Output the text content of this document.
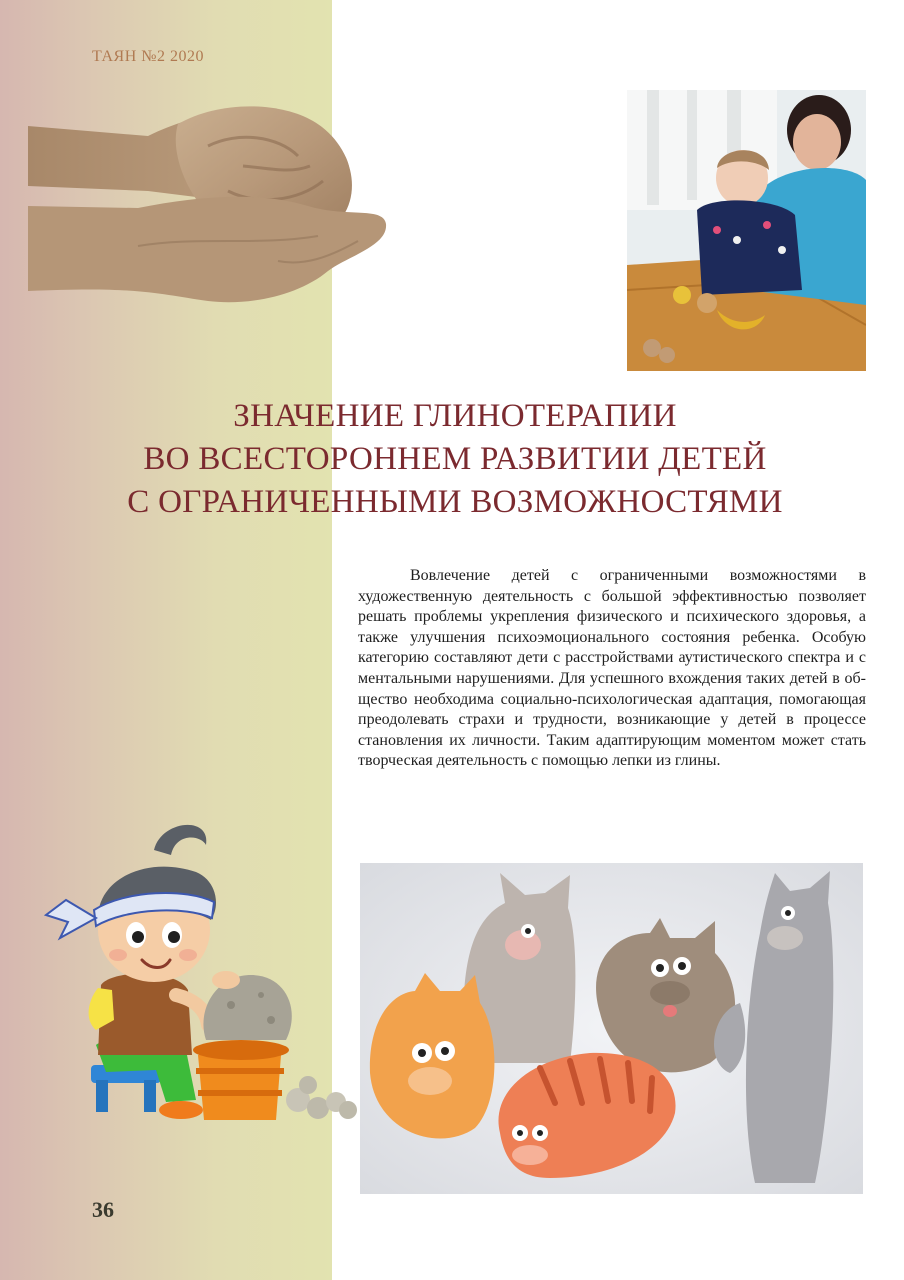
ТАЯН №2 2020
ЗНАЧЕНИЕ ГЛИНОТЕРАПИИ
ВО ВСЕСТОРОННЕМ РАЗВИТИИ ДЕТЕЙ
С ОГРАНИЧЕННЫМИ ВОЗМОЖНОСТЯМИ

Вовлечение детей с ограниченными возможностями в художественную деятельность с большой эффективностью позволяет решать проблемы укрепления физического и психического здоровья, а также улучшения психоэмоционального состояния ребенка. Особую категорию составляют дети с расстройствами аутистического спектра и с ментальными нарушениями. Для успешного вхождения таких детей в общество необходима социально-психологическая адаптация, помогающая преодолевать страхи и трудности, возникающие у детей в процессе становления их личности. Таким адаптирующим моментом может стать творческая деятельность с помощью лепки из глины.

36
